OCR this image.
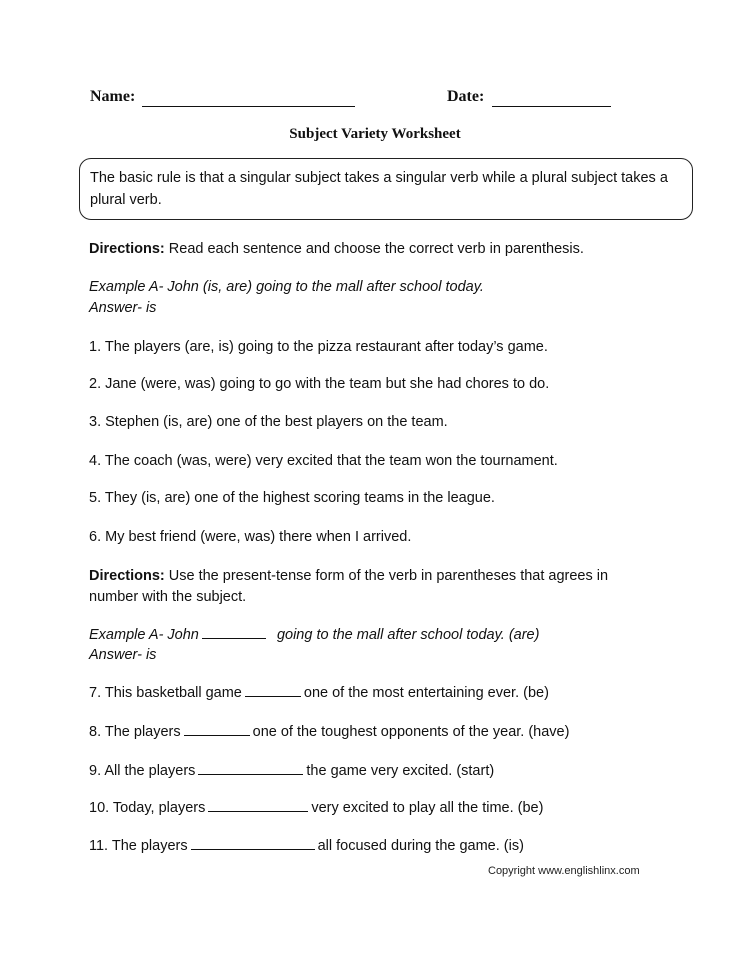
Name:	Date:
Subject Variety Worksheet
The basic rule is that a singular subject takes a singular verb while a plural subject takes a plural verb.
Directions: Read each sentence and choose the correct verb in parenthesis.
Example A- John (is, are) going to the mall after school today.
Answer- is
1. The players (are, is) going to the pizza restaurant after today’s game.
2. Jane (were, was) going to go with the team but she had chores to do.
3. Stephen (is, are) one of the best players on the team.
4. The coach (was, were) very excited that the team won the tournament.
5. They (is, are) one of the highest scoring teams in the league.
6. My best friend (were, was) there when I arrived.
Directions: Use the present-tense form of the verb in parentheses that agrees in
number with the subject.
Example A- John	going to the mall after school today. (are)
Answer- is
7. This basketball game	one of the most entertaining ever. (be)
8. The players	one of the toughest opponents of the year. (have)
9. All the players	the game very excited. (start)
10. Today, players	very excited to play all the time. (be)
11. The players	all focused during the game. (is)
Copyright www.englishlinx.com
